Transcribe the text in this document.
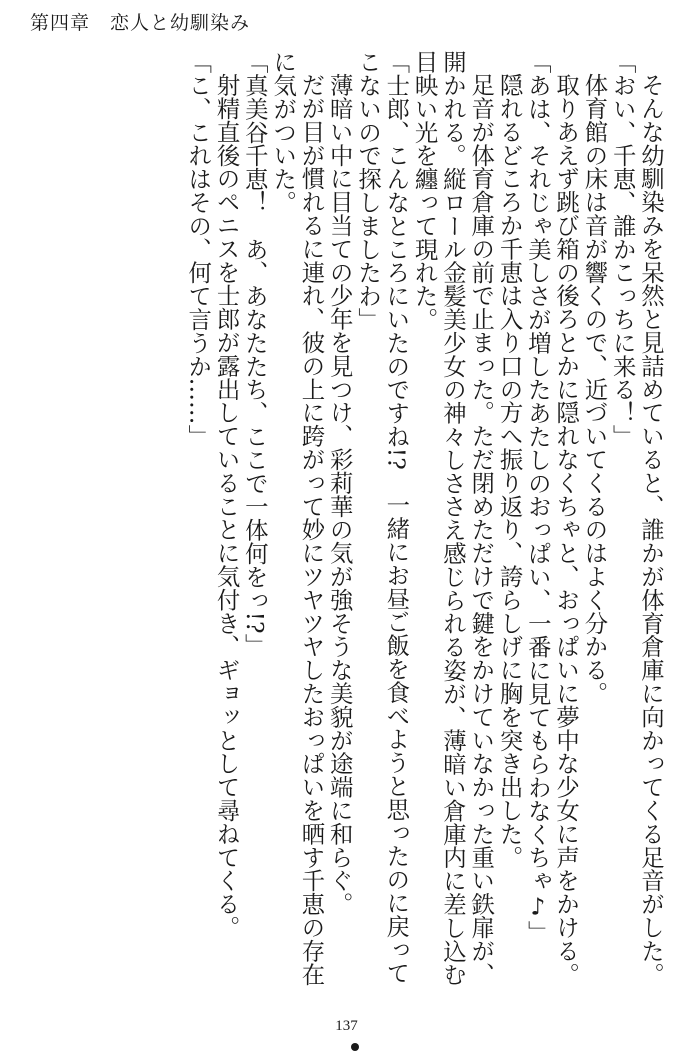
第四章　恋人と幼馴染み

そんな幼馴染みを呆然と見詰めていると、誰かが体育倉庫に向かってくる足音がした。

「おい、千恵、誰かこっちに来る！」

体育館の床は音が響くので、近づいてくるのはよく分かる。

取りあえず跳び箱の後ろとかに隠れなくちゃと、おっぱいに夢中な少女に声をかける。

「あは、それじゃ美しさが増したあたしのおっぱい、一番に見てもらわなくちゃ♪」

隠れるどころか千恵は入り口の方へ振り返り、誇らしげに胸を突き出した。

足音が体育倉庫の前で止まった。ただ閉めただけで鍵をかけていなかった重い鉄扉が、開かれる。縦ロール金髪美少女の神々しささえ感じられる姿が、薄暗い倉庫内に差し込む目映い光を纏って現れた。

「士郎、こんなところにいたのですね!?　一緒にお昼ご飯を食べようと思ったのに戻ってこないので探しましたわ」

薄暗い中に目当ての少年を見つけ、彩莉華の気が強そうな美貌が途端に和らぐ。

だが目が慣れるに連れ、彼の上に跨がって妙にツヤツヤしたおっぱいを晒す千恵の存在に気がついた。

「真美谷千恵！　あ、あなたたち、ここで一体何をっ!?」

射精直後のペニスを士郎が露出していることに気付き、ギョッとして尋ねてくる。

「こ、これはその、何て言うか……」

137
